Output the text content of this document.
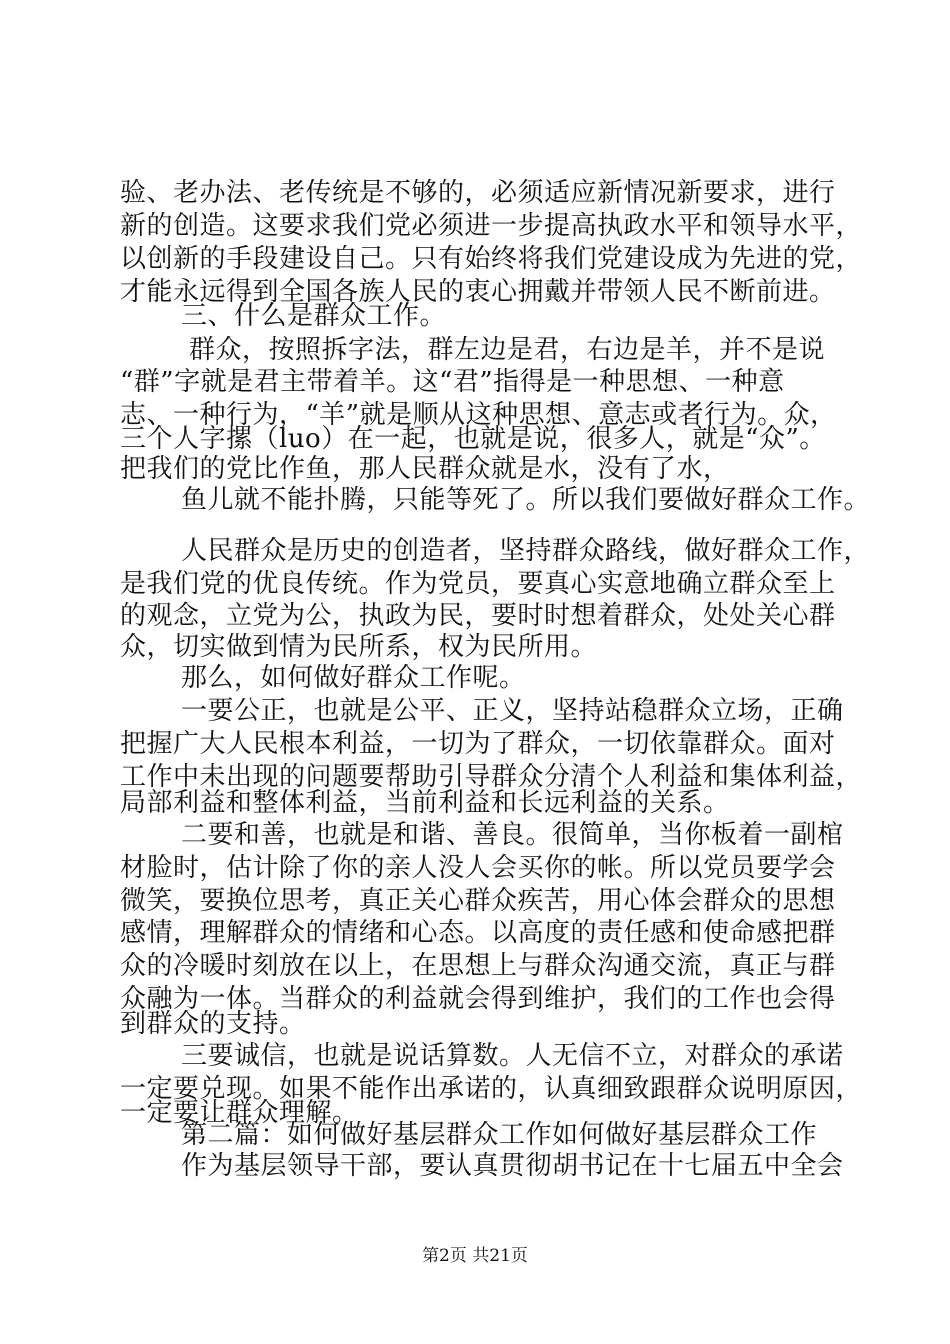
验、老办法、老传统是不够的，必须适应新情况新要求，进行
新的创造。这要求我们党必须进一步提高执政水平和领导水平，
以创新的手段建设自己。只有始终将我们党建设成为先进的党，
才能永远得到全国各族人民的衷心拥戴并带领人民不断前进。
三、什么是群众工作。
群众，按照拆字法，群左边是君，右边是羊，并不是说
“群”字就是君主带着羊。这“君”指得是一种思想、一种意
志、一种行为，“羊”就是顺从这种思想、意志或者行为。众，
三个人字摞（luo）在一起，也就是说，很多人，就是“众”。
把我们的党比作鱼，那人民群众就是水，没有了水，
鱼儿就不能扑腾，只能等死了。所以我们要做好群众工作。
人民群众是历史的创造者，坚持群众路线，做好群众工作，
是我们党的优良传统。作为党员，要真心实意地确立群众至上
的观念，立党为公，执政为民，要时时想着群众，处处关心群
众，切实做到情为民所系，权为民所用。
那么，如何做好群众工作呢。
一要公正，也就是公平、正义，坚持站稳群众立场，正确
把握广大人民根本利益，一切为了群众，一切依靠群众。面对
工作中未出现的问题要帮助引导群众分清个人利益和集体利益，
局部利益和整体利益，当前利益和长远利益的关系。
二要和善，也就是和谐、善良。很简单，当你板着一副棺
材脸时，估计除了你的亲人没人会买你的帐。所以党员要学会
微笑，要换位思考，真正关心群众疾苦，用心体会群众的思想
感情，理解群众的情绪和心态。以高度的责任感和使命感把群
众的冷暖时刻放在以上，在思想上与群众沟通交流，真正与群
众融为一体。当群众的利益就会得到维护，我们的工作也会得
到群众的支持。
三要诚信，也就是说话算数。人无信不立，对群众的承诺
一定要兑现。如果不能作出承诺的，认真细致跟群众说明原因，
一定要让群众理解。
第二篇：如何做好基层群众工作如何做好基层群众工作
作为基层领导干部，要认真贯彻胡书记在十七届五中全会
第2页 共21页
